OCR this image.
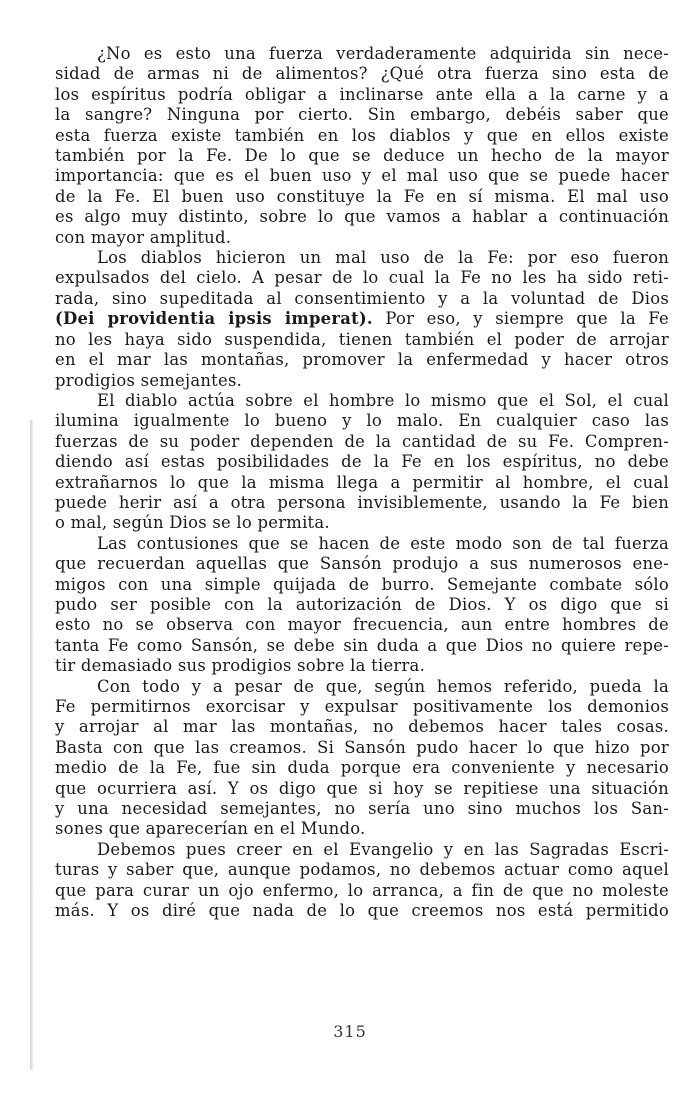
¿No es esto una fuerza verdaderamente adquirida sin nece-
sidad de armas ni de alimentos? ¿Qué otra fuerza sino esta de
los espíritus podría obligar a inclinarse ante ella a la carne y a
la sangre? Ninguna por cierto. Sin embargo, debéis saber que
esta fuerza existe también en los diablos y que en ellos existe
también por la Fe. De lo que se deduce un hecho de la mayor
importancia: que es el buen uso y el mal uso que se puede hacer
de la Fe. El buen uso constituye la Fe en sí misma. El mal uso
es algo muy distinto, sobre lo que vamos a hablar a continuación
con mayor amplitud.

Los diablos hicieron un mal uso de la Fe: por eso fueron
expulsados del cielo. A pesar de lo cual la Fe no les ha sido reti-
rada, sino supeditada al consentimiento y a la voluntad de Dios
(Dei providentia ipsis imperat). Por eso, y siempre que la Fe
no les haya sido suspendida, tienen también el poder de arrojar
en el mar las montañas, promover la enfermedad y hacer otros
prodigios semejantes.

El diablo actúa sobre el hombre lo mismo que el Sol, el cual
ilumina igualmente lo bueno y lo malo. En cualquier caso las
fuerzas de su poder dependen de la cantidad de su Fe. Compren-
diendo así estas posibilidades de la Fe en los espíritus, no debe
extrañarnos lo que la misma llega a permitir al hombre, el cual
puede herir así a otra persona invisiblemente, usando la Fe bien
o mal, según Dios se lo permita.

Las contusiones que se hacen de este modo son de tal fuerza
que recuerdan aquellas que Sansón produjo a sus numerosos ene-
migos con una simple quijada de burro. Semejante combate sólo
pudo ser posible con la autorización de Dios. Y os digo que si
esto no se observa con mayor frecuencia, aun entre hombres de
tanta Fe como Sansón, se debe sin duda a que Dios no quiere repe-
tir demasiado sus prodigios sobre la tierra.

Con todo y a pesar de que, según hemos referido, pueda la
Fe permitirnos exorcisar y expulsar positivamente los demonios
y arrojar al mar las montañas, no debemos hacer tales cosas.
Basta con que las creamos. Si Sansón pudo hacer lo que hizo por
medio de la Fe, fue sin duda porque era conveniente y necesario
que ocurriera así. Y os digo que si hoy se repitiese una situación
y una necesidad semejantes, no sería uno sino muchos los San-
sones que aparecerían en el Mundo.

Debemos pues creer en el Evangelio y en las Sagradas Escri-
turas y saber que, aunque podamos, no debemos actuar como aquel
que para curar un ojo enfermo, lo arranca, a fin de que no moleste
más. Y os diré que nada de lo que creemos nos está permitido

315
